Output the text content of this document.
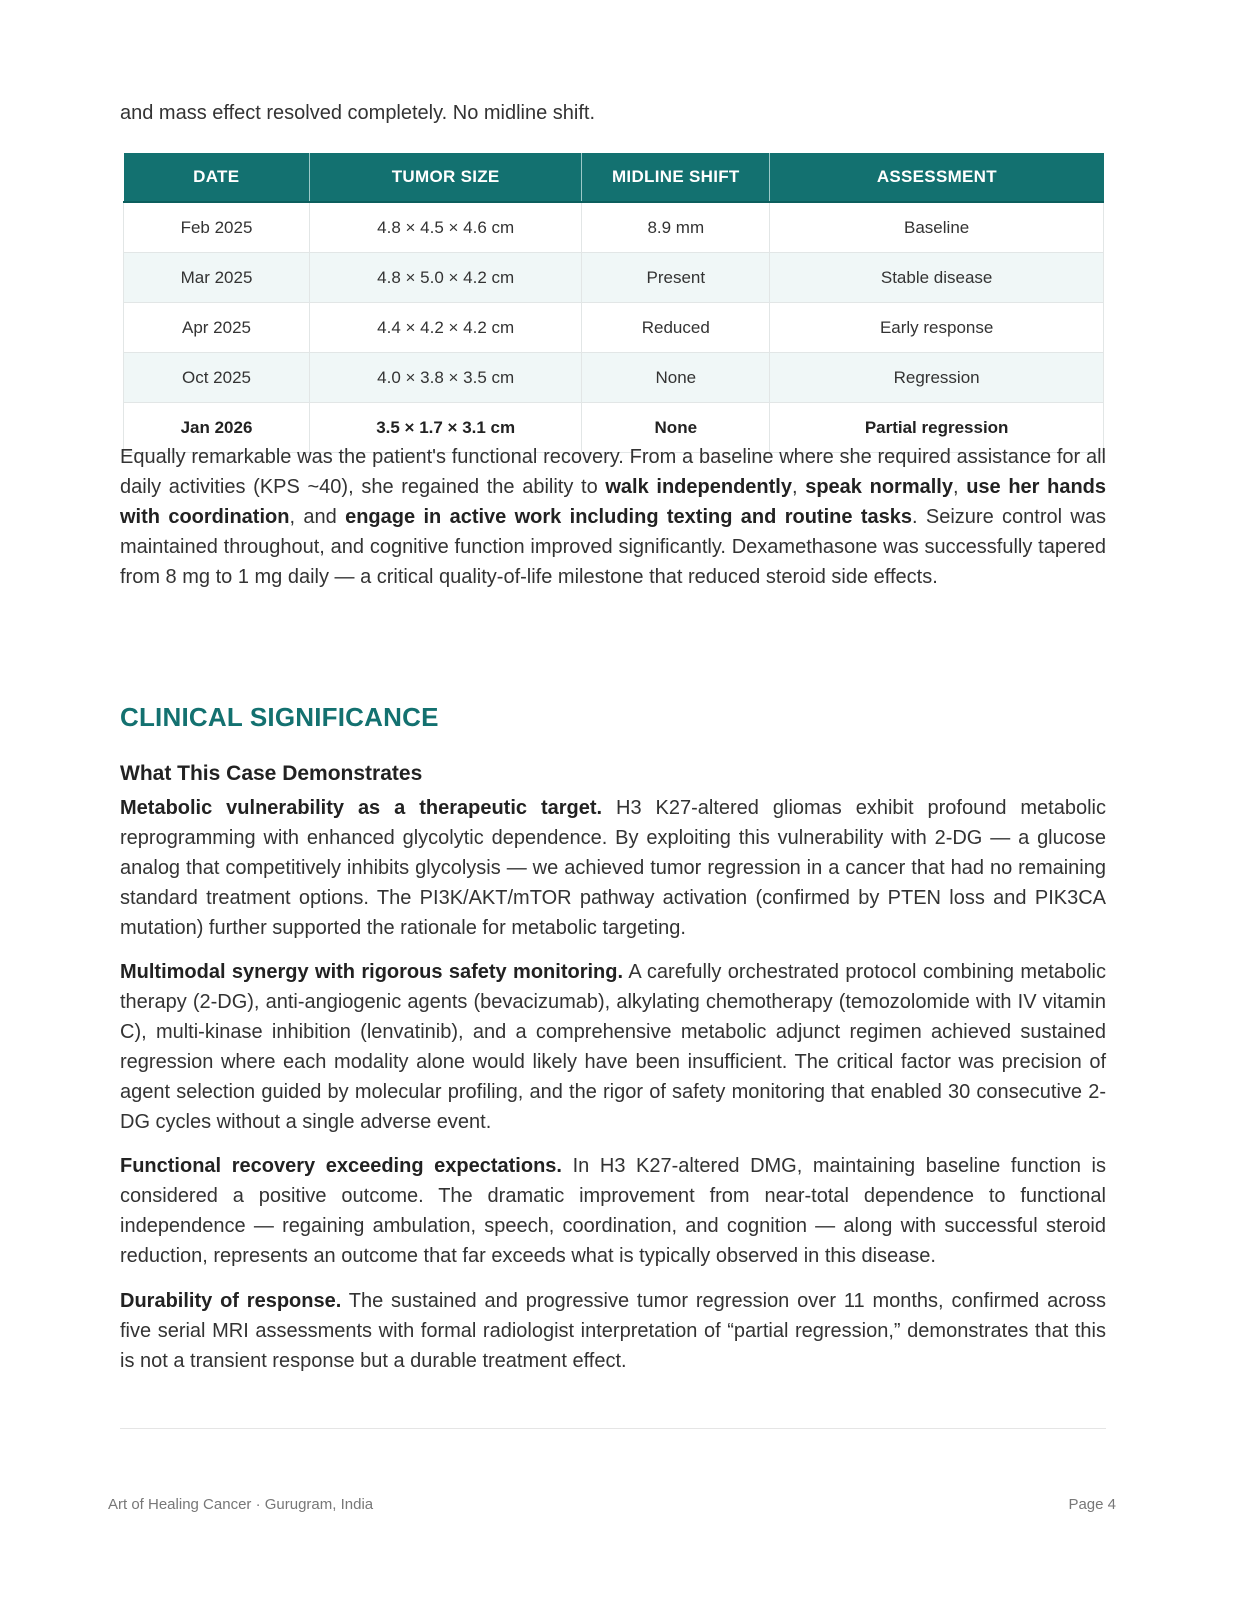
and mass effect resolved completely. No midline shift.

DATE	TUMOR SIZE	MIDLINE SHIFT	ASSESSMENT
Feb 2025	4.8 × 4.5 × 4.6 cm	8.9 mm	Baseline
Mar 2025	4.8 × 5.0 × 4.2 cm	Present	Stable disease
Apr 2025	4.4 × 4.2 × 4.2 cm	Reduced	Early response
Oct 2025	4.0 × 3.8 × 3.5 cm	None	Regression
Jan 2026	3.5 × 1.7 × 3.1 cm	None	Partial regression

Equally remarkable was the patient's functional recovery. From a baseline where she required assistance for all daily activities (KPS ~40), she regained the ability to walk independently, speak normally, use her hands with coordination, and engage in active work including texting and routine tasks. Seizure control was maintained throughout, and cognitive function improved significantly. Dexamethasone was successfully tapered from 8 mg to 1 mg daily — a critical quality-of-life milestone that reduced steroid side effects.

CLINICAL SIGNIFICANCE
What This Case Demonstrates

Metabolic vulnerability as a therapeutic target. H3 K27-altered gliomas exhibit profound metabolic reprogramming with enhanced glycolytic dependence. By exploiting this vulnerability with 2-DG — a glucose analog that competitively inhibits glycolysis — we achieved tumor regression in a cancer that had no remaining standard treatment options. The PI3K/AKT/mTOR pathway activation (confirmed by PTEN loss and PIK3CA mutation) further supported the rationale for metabolic targeting.

Multimodal synergy with rigorous safety monitoring. A carefully orchestrated protocol combining metabolic therapy (2-DG), anti-angiogenic agents (bevacizumab), alkylating chemotherapy (temozolomide with IV vitamin C), multi-kinase inhibition (lenvatinib), and a comprehensive metabolic adjunct regimen achieved sustained regression where each modality alone would likely have been insufficient. The critical factor was precision of agent selection guided by molecular profiling, and the rigor of safety monitoring that enabled 30 consecutive 2-DG cycles without a single adverse event.

Functional recovery exceeding expectations. In H3 K27-altered DMG, maintaining baseline function is considered a positive outcome. The dramatic improvement from near-total dependence to functional independence — regaining ambulation, speech, coordination, and cognition — along with successful steroid reduction, represents an outcome that far exceeds what is typically observed in this disease.

Durability of response. The sustained and progressive tumor regression over 11 months, confirmed across five serial MRI assessments with formal radiologist interpretation of “partial regression,” demonstrates that this is not a transient response but a durable treatment effect.

Art of Healing Cancer · Gurugram, India	Page 4
